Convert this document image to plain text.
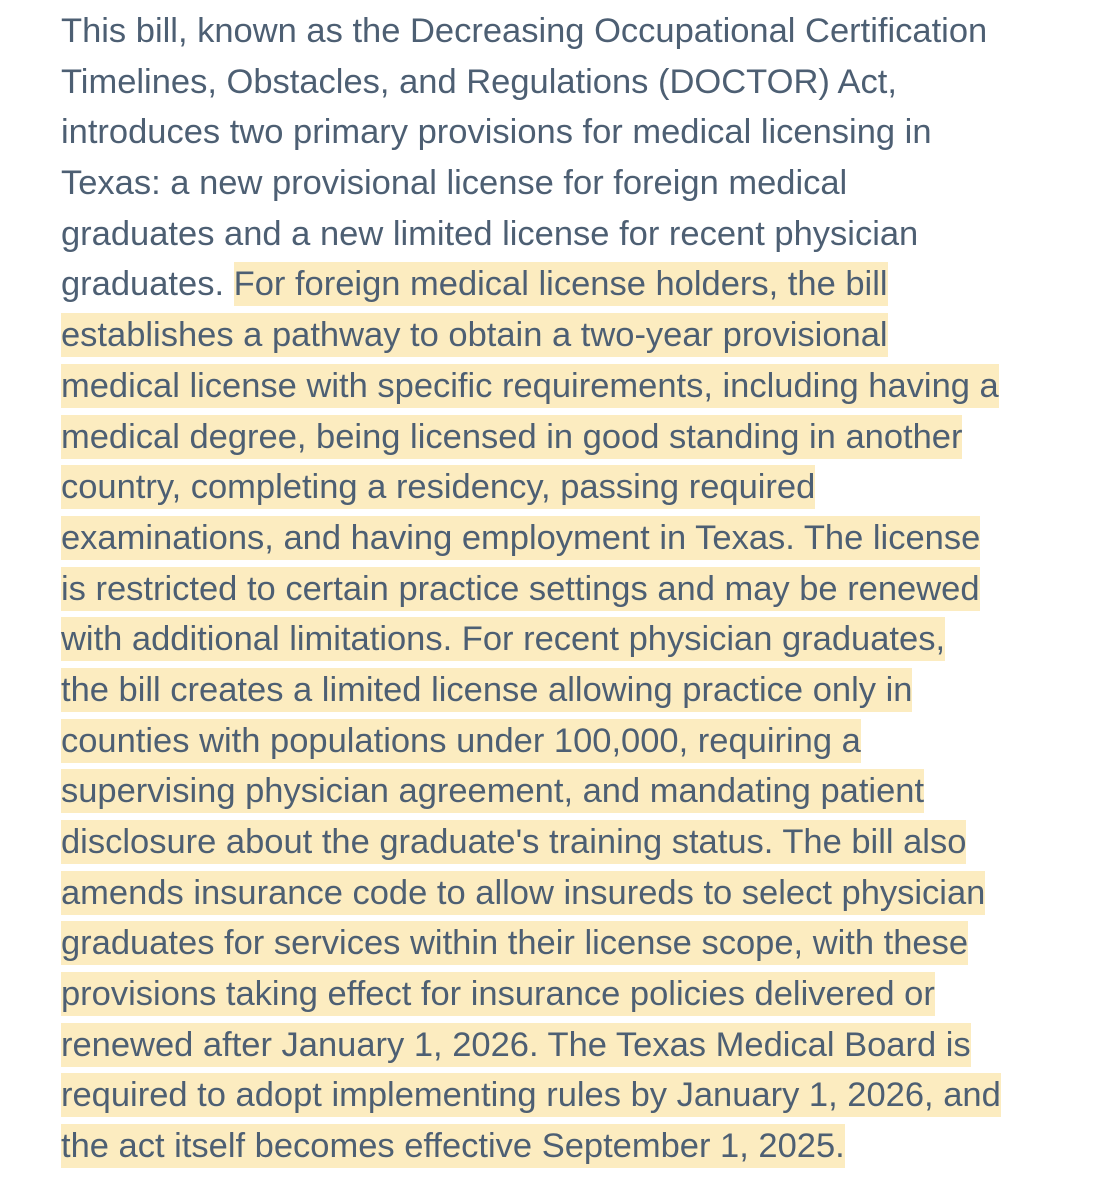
This bill, known as the Decreasing Occupational Certification
Timelines, Obstacles, and Regulations (DOCTOR) Act,
introduces two primary provisions for medical licensing in
Texas: a new provisional license for foreign medical
graduates and a new limited license for recent physician
graduates. For foreign medical license holders, the bill
establishes a pathway to obtain a two-year provisional
medical license with specific requirements, including having a
medical degree, being licensed in good standing in another
country, completing a residency, passing required
examinations, and having employment in Texas. The license
is restricted to certain practice settings and may be renewed
with additional limitations. For recent physician graduates,
the bill creates a limited license allowing practice only in
counties with populations under 100,000, requiring a
supervising physician agreement, and mandating patient
disclosure about the graduate's training status. The bill also
amends insurance code to allow insureds to select physician
graduates for services within their license scope, with these
provisions taking effect for insurance policies delivered or
renewed after January 1, 2026. The Texas Medical Board is
required to adopt implementing rules by January 1, 2026, and
the act itself becomes effective September 1, 2025.
